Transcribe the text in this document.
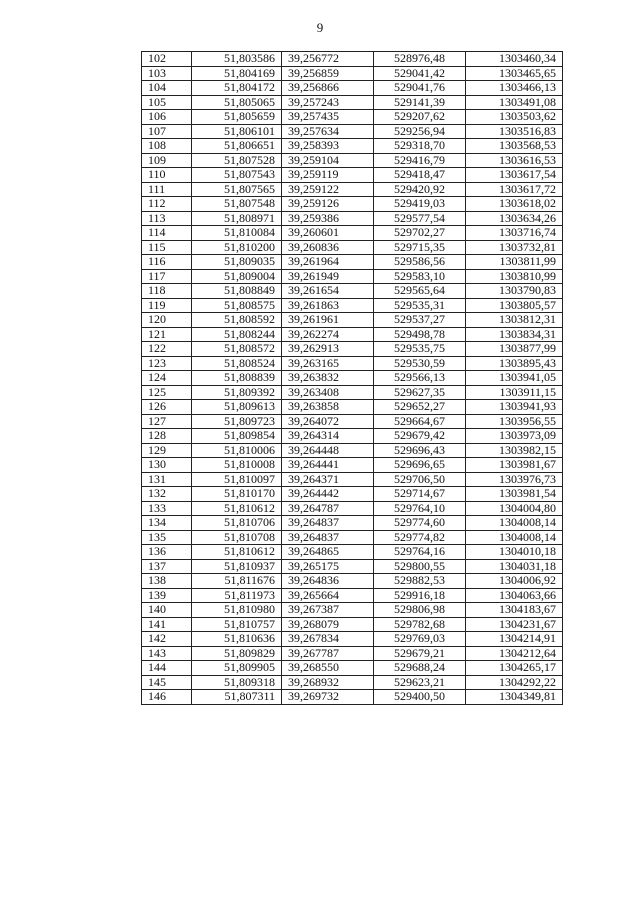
9
102	51,803586	39,256772	528976,48	1303460,34
103	51,804169	39,256859	529041,42	1303465,65
104	51,804172	39,256866	529041,76	1303466,13
105	51,805065	39,257243	529141,39	1303491,08
106	51,805659	39,257435	529207,62	1303503,62
107	51,806101	39,257634	529256,94	1303516,83
108	51,806651	39,258393	529318,70	1303568,53
109	51,807528	39,259104	529416,79	1303616,53
110	51,807543	39,259119	529418,47	1303617,54
111	51,807565	39,259122	529420,92	1303617,72
112	51,807548	39,259126	529419,03	1303618,02
113	51,808971	39,259386	529577,54	1303634,26
114	51,810084	39,260601	529702,27	1303716,74
115	51,810200	39,260836	529715,35	1303732,81
116	51,809035	39,261964	529586,56	1303811,99
117	51,809004	39,261949	529583,10	1303810,99
118	51,808849	39,261654	529565,64	1303790,83
119	51,808575	39,261863	529535,31	1303805,57
120	51,808592	39,261961	529537,27	1303812,31
121	51,808244	39,262274	529498,78	1303834,31
122	51,808572	39,262913	529535,75	1303877,99
123	51,808524	39,263165	529530,59	1303895,43
124	51,808839	39,263832	529566,13	1303941,05
125	51,809392	39,263408	529627,35	1303911,15
126	51,809613	39,263858	529652,27	1303941,93
127	51,809723	39,264072	529664,67	1303956,55
128	51,809854	39,264314	529679,42	1303973,09
129	51,810006	39,264448	529696,43	1303982,15
130	51,810008	39,264441	529696,65	1303981,67
131	51,810097	39,264371	529706,50	1303976,73
132	51,810170	39,264442	529714,67	1303981,54
133	51,810612	39,264787	529764,10	1304004,80
134	51,810706	39,264837	529774,60	1304008,14
135	51,810708	39,264837	529774,82	1304008,14
136	51,810612	39,264865	529764,16	1304010,18
137	51,810937	39,265175	529800,55	1304031,18
138	51,811676	39,264836	529882,53	1304006,92
139	51,811973	39,265664	529916,18	1304063,66
140	51,810980	39,267387	529806,98	1304183,67
141	51,810757	39,268079	529782,68	1304231,67
142	51,810636	39,267834	529769,03	1304214,91
143	51,809829	39,267787	529679,21	1304212,64
144	51,809905	39,268550	529688,24	1304265,17
145	51,809318	39,268932	529623,21	1304292,22
146	51,807311	39,269732	529400,50	1304349,81
